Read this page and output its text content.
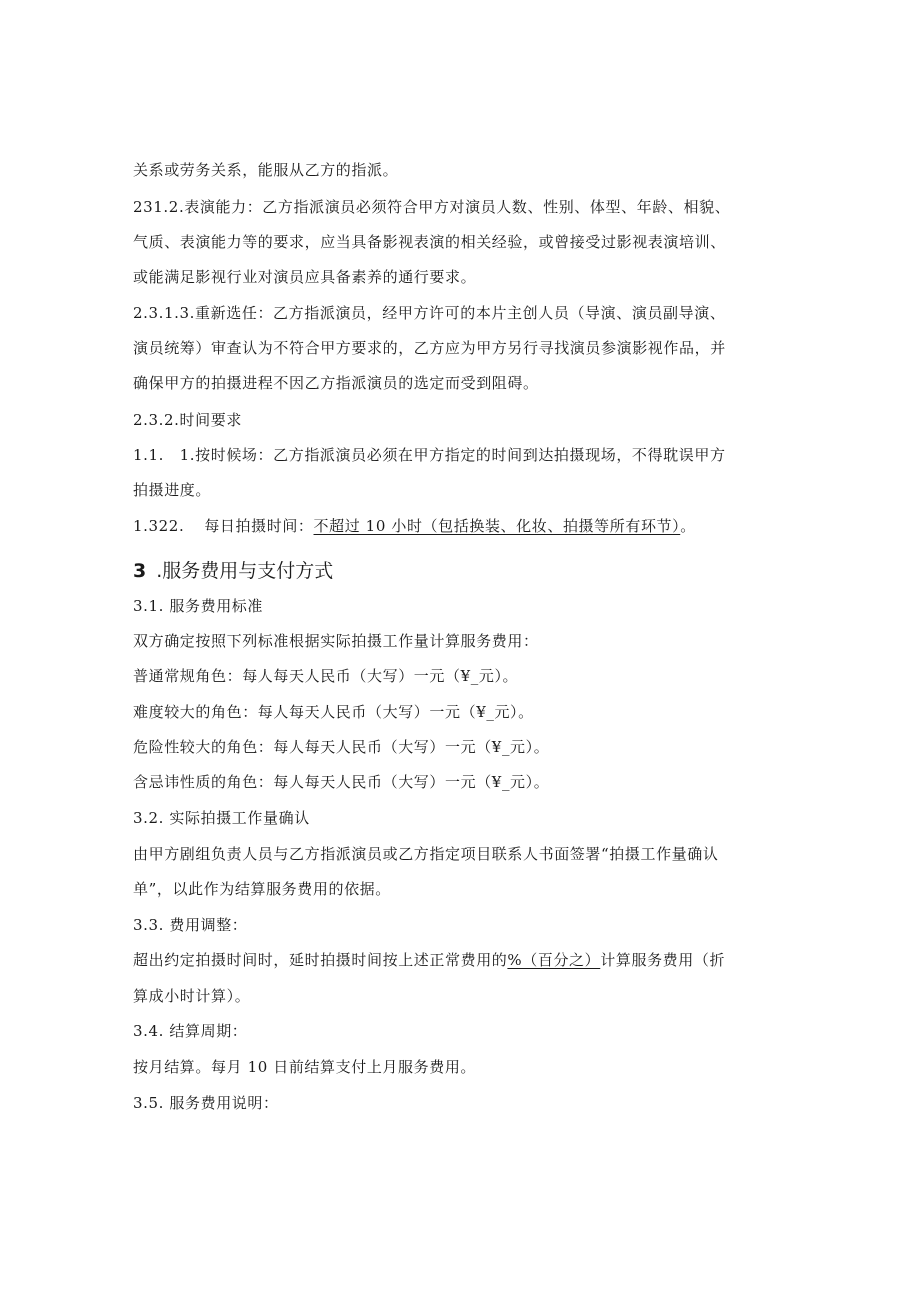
关系或劳务关系，能服从乙方的指派。
231.2.表演能力：乙方指派演员必须符合甲方对演员人数、性别、体型、年龄、相貌、
气质、表演能力等的要求，应当具备影视表演的相关经验，或曾接受过影视表演培训、
或能满足影视行业对演员应具备素养的通行要求。
2.3.1.3.重新选任：乙方指派演员，经甲方许可的本片主创人员（导演、演员副导演、
演员统筹）审查认为不符合甲方要求的，乙方应为甲方另行寻找演员参演影视作品，并
确保甲方的拍摄进程不因乙方指派演员的选定而受到阻碍。
2.3.2.时间要求
1.1.　1.按时候场：乙方指派演员必须在甲方指定的时间到达拍摄现场，不得耽误甲方
拍摄进度。
1.322. 每日拍摄时间：不超过 10 小时（包括换装、化妆、拍摄等所有环节）。
3 .服务费用与支付方式
3.1. 服务费用标准
双方确定按照下列标准根据实际拍摄工作量计算服务费用：
普通常规角色：每人每天人民币（大写）一元（¥_元）。
难度较大的角色：每人每天人民币（大写）一元（¥_元）。
危险性较大的角色：每人每天人民币（大写）一元（¥_元）。
含忌讳性质的角色：每人每天人民币（大写）一元（¥_元）。
3.2. 实际拍摄工作量确认
由甲方剧组负责人员与乙方指派演员或乙方指定项目联系人书面签署“拍摄工作量确认
单”，以此作为结算服务费用的依据。
3.3. 费用调整：
超出约定拍摄时间时，延时拍摄时间按上述正常费用的%（百分之）计算服务费用（折
算成小时计算）。
3.4. 结算周期：
按月结算。每月 10 日前结算支付上月服务费用。
3.5. 服务费用说明：
